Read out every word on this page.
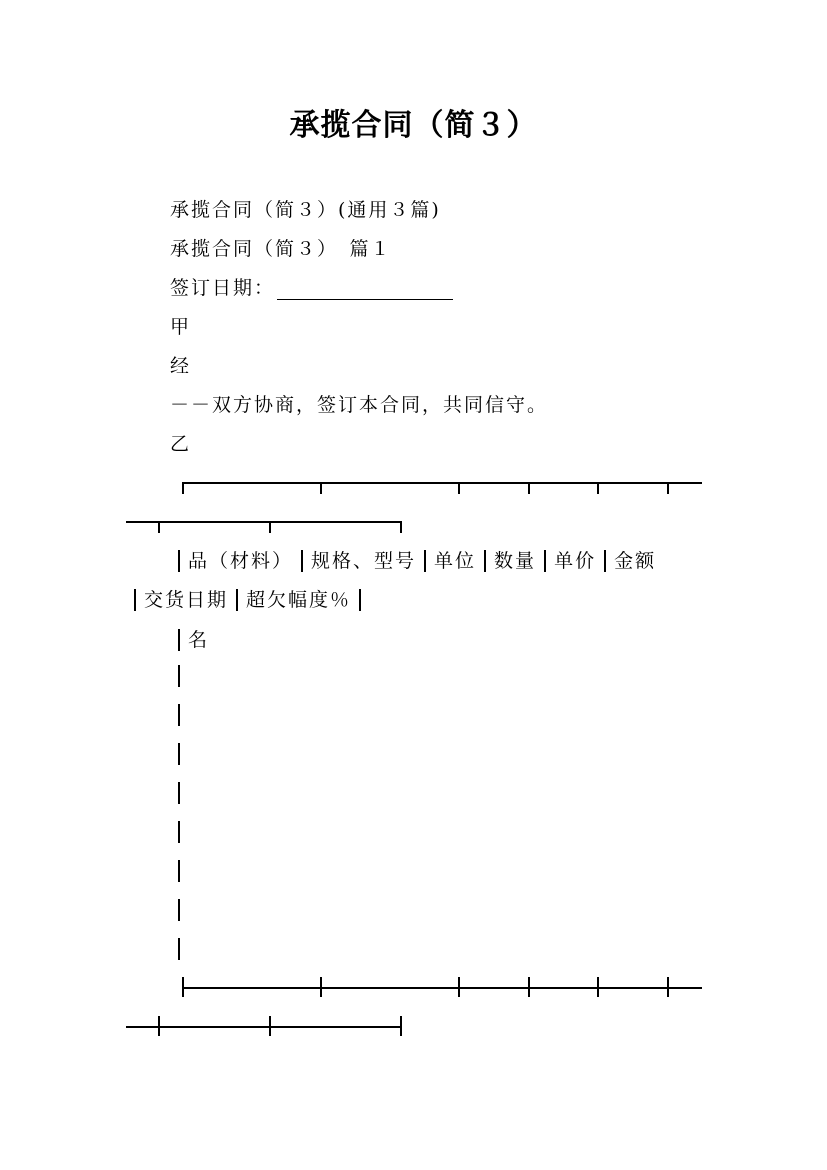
承揽合同（简３）
承揽合同（简３）(通用３篇)
承揽合同（简３）　篇１
签订日期：
甲
经
－－双方协商，签订本合同，共同信守。
乙
品（材料） 规格、型号 单位 数量 单价 金额
交货日期 超欠幅度％
名
